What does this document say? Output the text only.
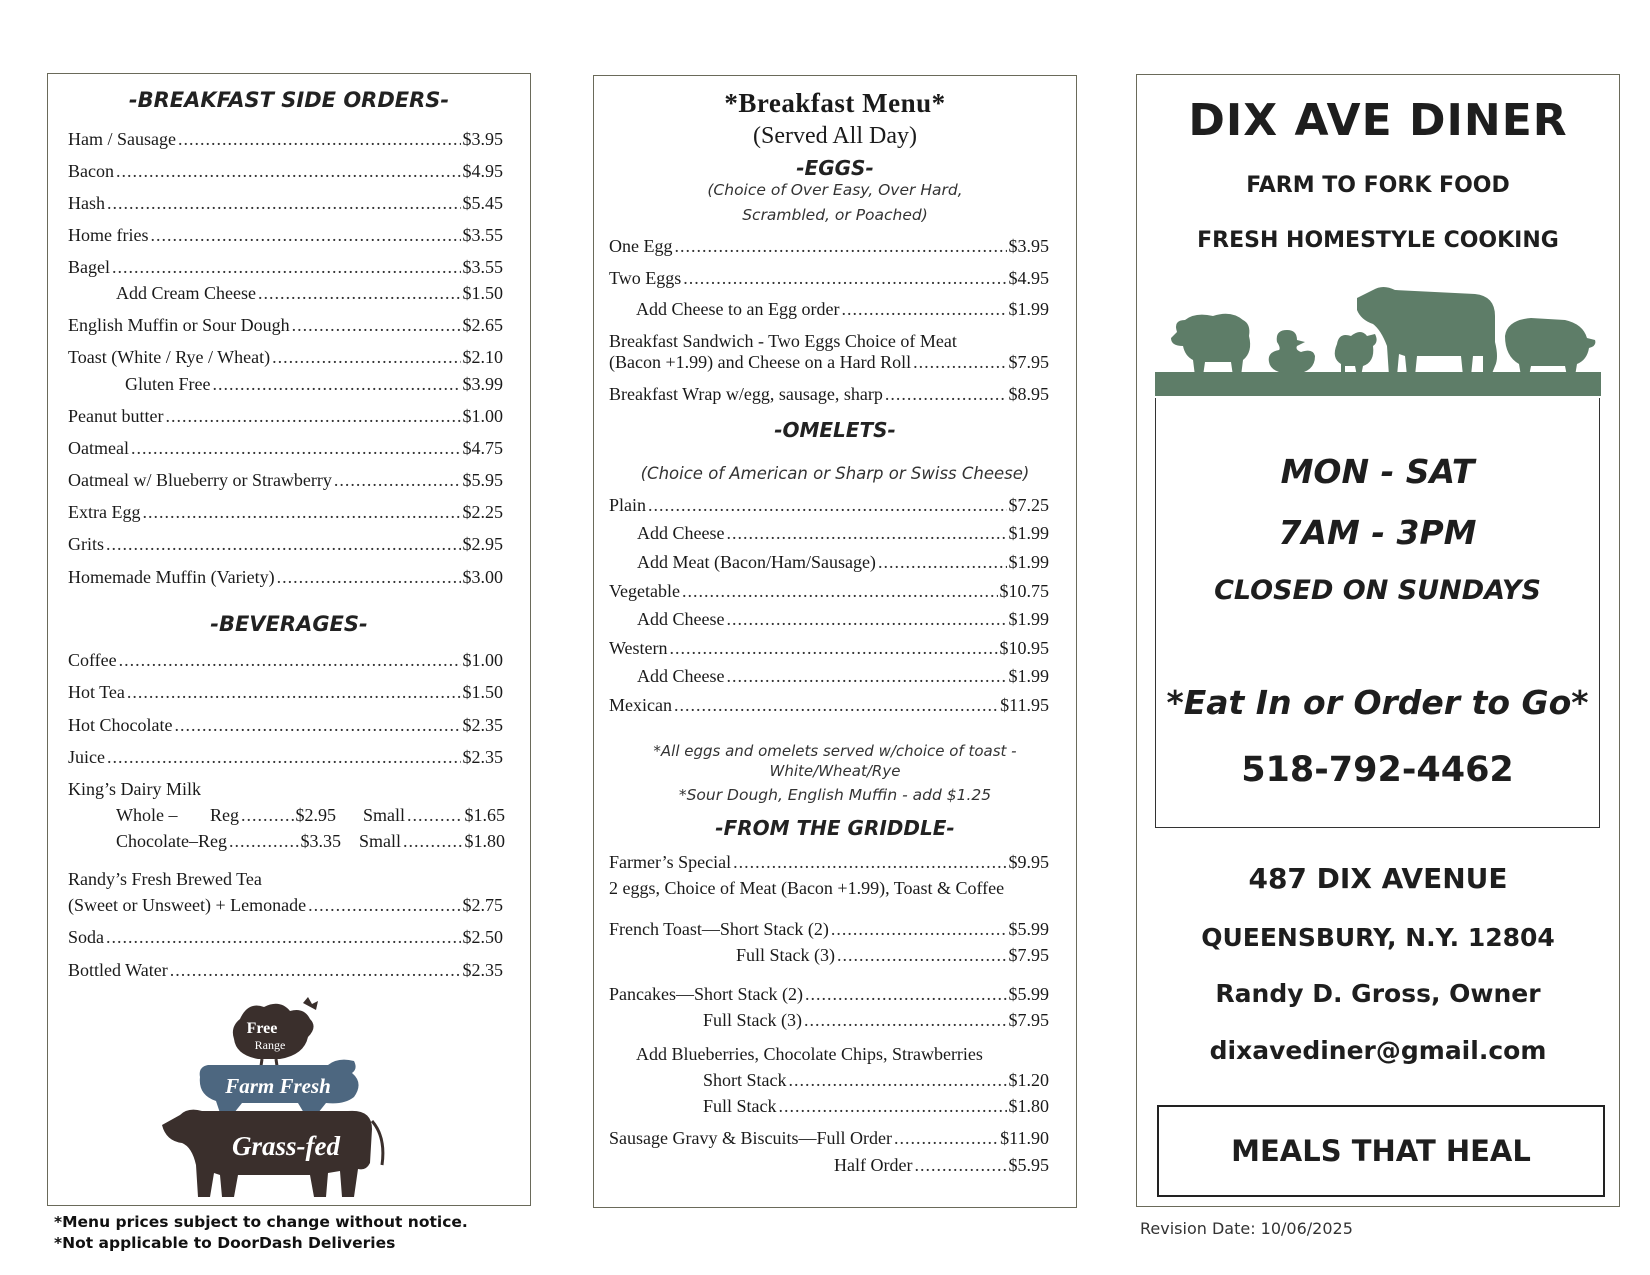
-BREAKFAST SIDE ORDERS-
Ham / Sausage .....	$3.95
Bacon .....	$4.95
Hash .....	$5.45
Home fries .....	$3.55
Bagel .....	$3.55
Add Cream Cheese .....	$1.50
English Muffin or Sour Dough .....	$2.65
Toast (White / Rye / Wheat) .....	$2.10
Gluten Free .....	$3.99
Peanut butter .....	$1.00
Oatmeal .....	$4.75
Oatmeal w/ Blueberry or Strawberry .....	$5.95
Extra Egg .....	$2.25
Grits .....	$2.95
Homemade Muffin (Variety) .....	$3.00
-BEVERAGES-
Coffee .....	$1.00
Hot Tea .....	$1.50
Hot Chocolate .....	$2.35
Juice .....	$2.35
King’s Dairy Milk
Whole – Reg .....	$2.95 Small .....	$1.65
Chocolate–Reg .....	$3.35 Small .....	$1.80
Randy’s Fresh Brewed Tea
(Sweet or Unsweet) + Lemonade .....	$2.75
Soda .....	$2.50
Bottled Water .....	$2.35
Free
Range
Farm Fresh
Grass-fed
*Menu prices subject to change without notice.
*Not applicable to DoorDash Deliveries
*Breakfast Menu*
(Served All Day)
-EGGS-
(Choice of Over Easy, Over Hard,
Scrambled, or Poached)
One Egg .....	$3.95
Two Eggs .....	$4.95
Add Cheese to an Egg order .....	$1.99
Breakfast Sandwich - Two Eggs Choice of Meat
(Bacon +1.99) and Cheese on a Hard Roll .....	$7.95
Breakfast Wrap w/egg, sausage, sharp .....	$8.95
-OMELETS-
(Choice of American or Sharp or Swiss Cheese)
Plain .....	$7.25
Add Cheese .....	$1.99
Add Meat (Bacon/Ham/Sausage) .....	$1.99
Vegetable .....	$10.75
Add Cheese .....	$1.99
Western .....	$10.95
Add Cheese .....	$1.99
Mexican .....	$11.95
*All eggs and omelets served w/choice of toast -
White/Wheat/Rye
*Sour Dough, English Muffin - add $1.25
-FROM THE GRIDDLE-
Farmer’s Special .....	$9.95
2 eggs, Choice of Meat (Bacon +1.99), Toast & Coffee
French Toast—Short Stack (2) .....	$5.99
Full Stack (3) .....	$7.95
Pancakes—Short Stack (2) .....	$5.99
Full Stack (3) .....	$7.95
Add Blueberries, Chocolate Chips, Strawberries
Short Stack .....	$1.20
Full Stack .....	$1.80
Sausage Gravy & Biscuits—Full Order .....	$11.90
Half Order .....	$5.95
DIX AVE DINER
FARM TO FORK FOOD
FRESH HOMESTYLE COOKING
MON - SAT
7AM - 3PM
CLOSED ON SUNDAYS
*Eat In or Order to Go*
518-792-4462
487 DIX AVENUE
QUEENSBURY, N.Y. 12804
Randy D. Gross, Owner
dixavediner@gmail.com
MEALS THAT HEAL
Revision Date: 10/06/2025
